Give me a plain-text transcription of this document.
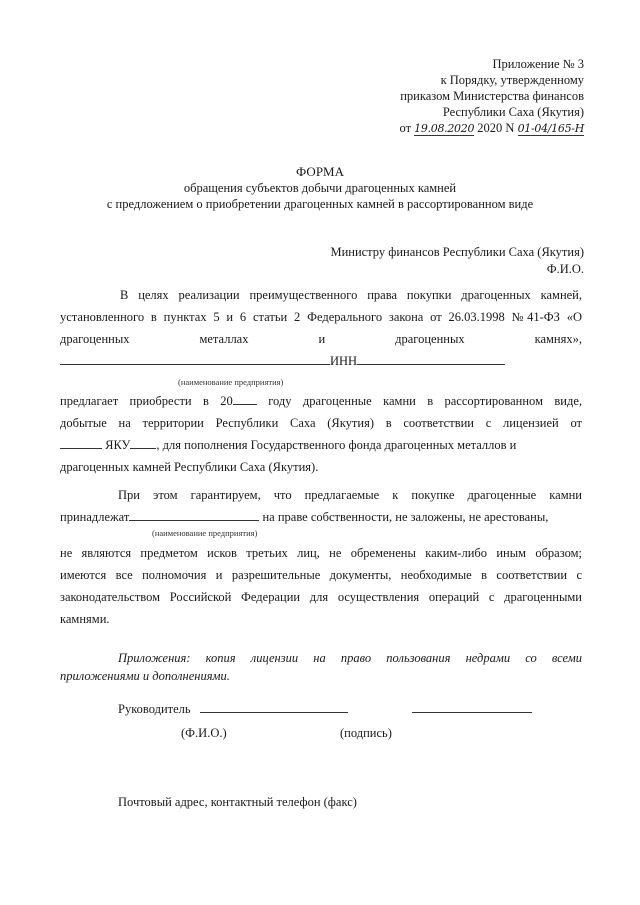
Приложение № 3
к Порядку, утвержденному
приказом Министерства финансов
Республики Саха (Якутия)
от 19.08.2020 2020 N 01-04/165-Н
ФОРМА
обращения субъектов добычи драгоценных камней
с предложением о приобретении драгоценных камней в рассортированном виде
Министру финансов Республики Саха (Якутия)
Ф.И.О.
В целях реализации преимущественного права покупки драгоценных камней,
установленного в пунктах 5 и 6 статьи 2 Федерального закона от 26.03.1998 №41-ФЗ «О
драгоценных металлах и драгоценных камнях»,
ИНН
(наименование предприятия)
предлагает приобрести в 20	году драгоценные камни в рассортированном виде,
добытые на территории Республики Саха (Якутия) в соответствии с лицензией от
ЯКУ , для пополнения Государственного фонда драгоценных металлов и
драгоценных камней Республики Саха (Якутия).
При этом гарантируем, что предлагаемые к покупке драгоценные камни
принадлежат	на праве собственности, не заложены, не арестованы,
(наименование предприятия)
не являются предметом исков третьих лиц, не обременены каким-либо иным образом;
имеются все полномочия и разрешительные документы, необходимые в соответствии с
законодательством Российской Федерации для осуществления операций с драгоценными
камнями.
Приложения: копия лицензии на право пользования недрами со всеми
приложениями и дополнениями.
Руководитель
(Ф.И.О.)	(подпись)
Почтовый адрес, контактный телефон (факс)
